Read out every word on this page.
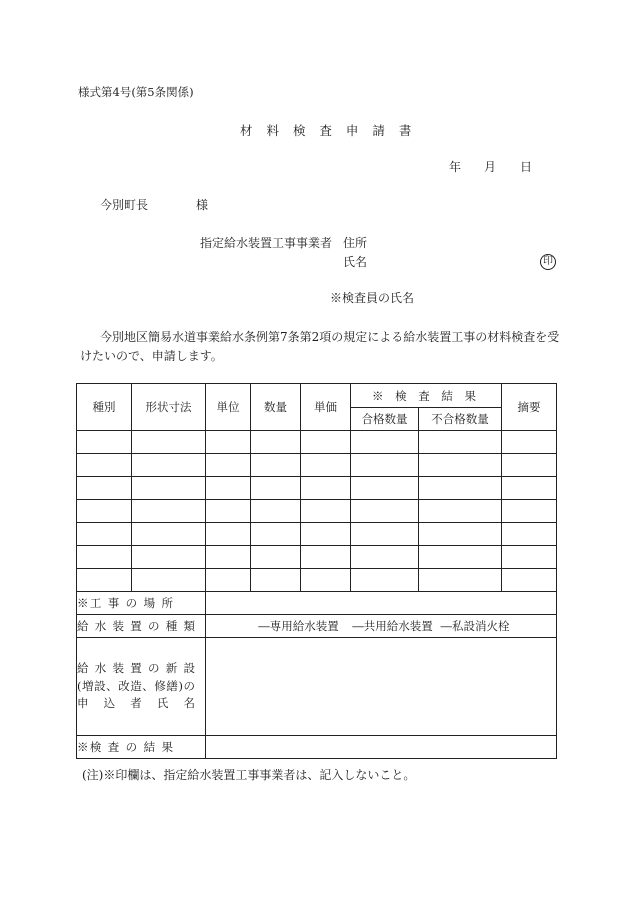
様式第4号(第5条関係)
材 料 検 査 申 請 書
年 月 日
今別町長	様
指定給水装置工事事業者 住所
氏名	印
※検査員の氏名
今別地区簡易水道事業給水条例第7条第2項の規定による給水装置工事の材料検査を受
けたいので、申請します。
種別	形状寸法	単位	数量	単価	※ 検 査 結 果		摘要
					合格数量	不合格数量	

※工 事 の 場 所							

給 水 装 置 の 種 類		―専用給水装置 ―共用給水装置 ―私設消火栓					

給 水 装 置 の 新 設
(増設、改造、修繕)の
申 込 者 氏 名							

※検 査 の 結 果							

(注)※印欄は、指定給水装置工事事業者は、記入しないこと。
